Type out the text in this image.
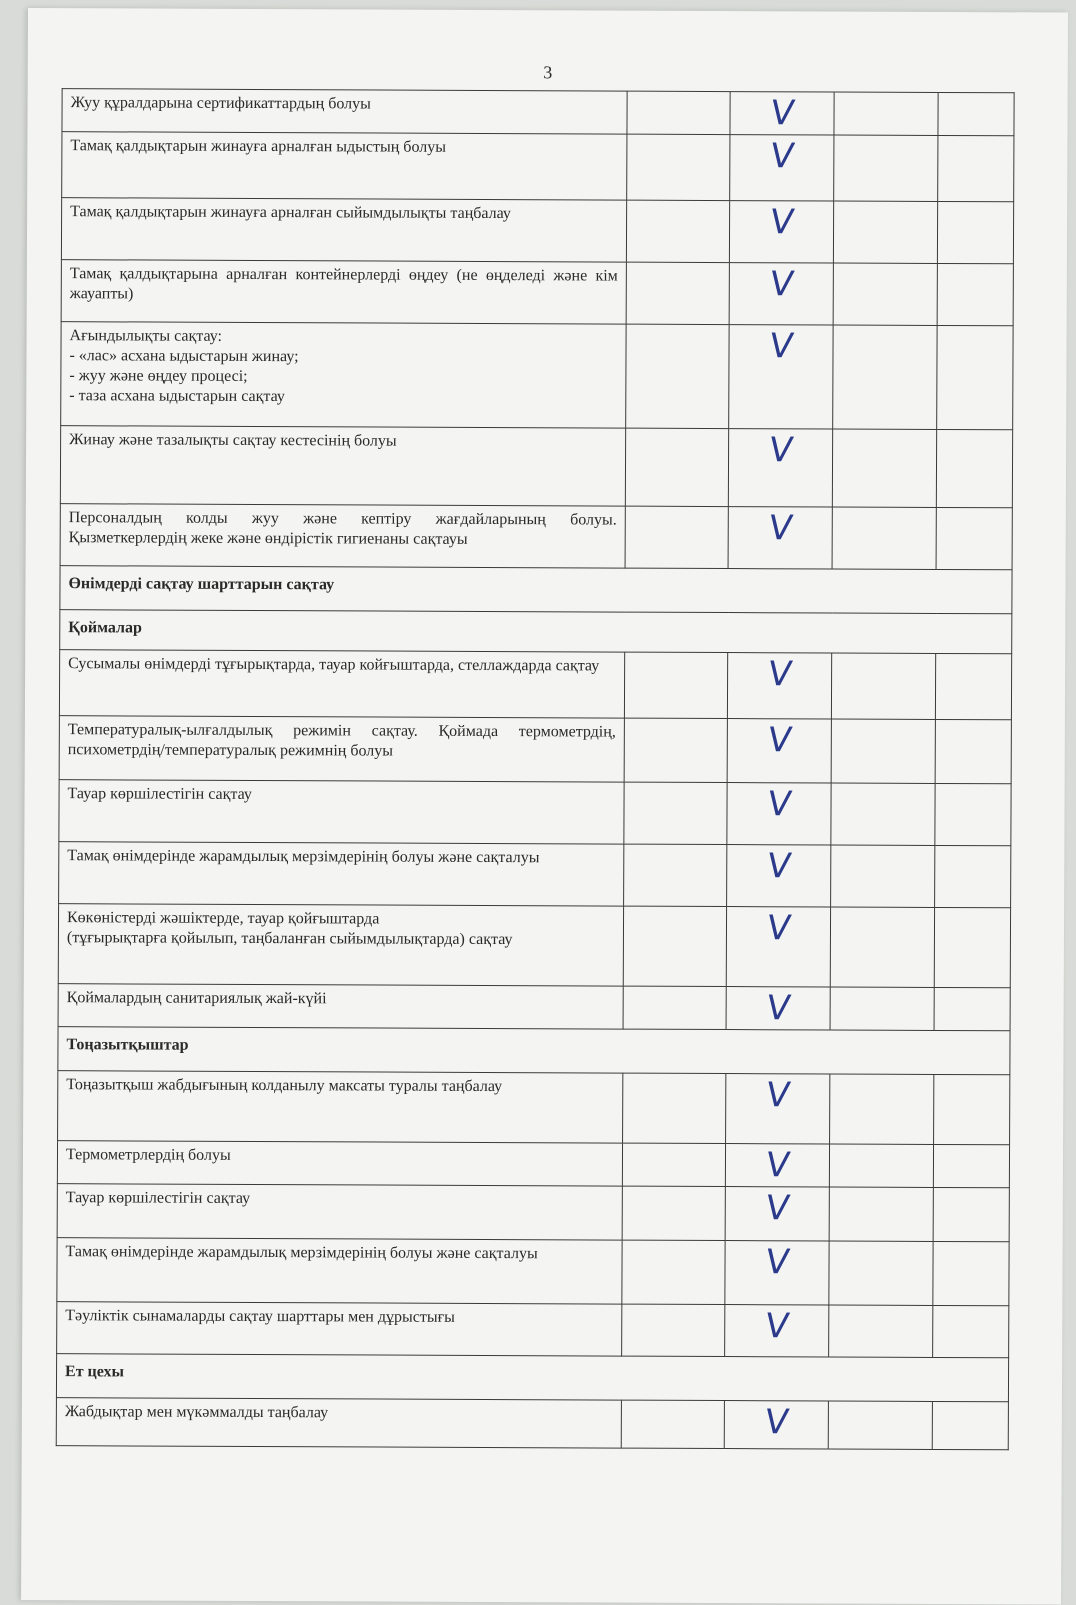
3
Жуу құралдарына сертификаттардың болуы		V		
Тамақ қалдықтарын жинауға арналған ыдыстың болуы		V		
Тамақ қалдықтарын жинауға арналған сыйымдылықты таңбалау		V		
Тамақ қалдықтарына арналған контейнерлерді өңдеу (не өңделеді және кім жауапты)		V		
Ағындылықты сақтау:
- «лас» асхана ыдыстарын жинау;
- жуу және өңдеу процесі;
- таза асхана ыдыстарын сақтау		V		
Жинау және тазалықты сақтау кестесінің болуы		V		
Персоналдың колды жуу және кептіру жағдайларының болуы. Қызметкерлердің жеке және өндірістік гигиенаны сақтауы		V		
Өнімдерді сақтау шарттарын сақтау				
Қоймалар				
Сусымалы өнімдерді тұғырықтарда, тауар койғыштарда, стеллаждарда сақтау		V		
Температуралық-ылғалдылық режимін сақтау. Қоймада термометрдің, психометрдің/температуралық режимнің болуы		V		
Тауар көршілестігін сақтау		V		
Тамақ өнімдерінде жарамдылық мерзімдерінің болуы және сақталуы		V		
Көкөністерді жәшіктерде, тауар қойғыштарда
(тұғырықтарға қойылып, таңбаланған сыйымдылықтарда) сақтау		V		
Қоймалардың санитариялық жай-күйі		V		
Тоңазытқыштар				
Тоңазытқыш жабдығының колданылу максаты туралы таңбалау		V		
Термометрлердің болуы		V		
Тауар көршілестігін сақтау		V		
Тамақ өнімдерінде жарамдылық мерзімдерінің болуы және сақталуы		V		
Тәуліктік сынамаларды сақтау шарттары мен дұрыстығы		V		
Ет цехы				
Жабдықтар мен мүкәммалды таңбалау		V		
